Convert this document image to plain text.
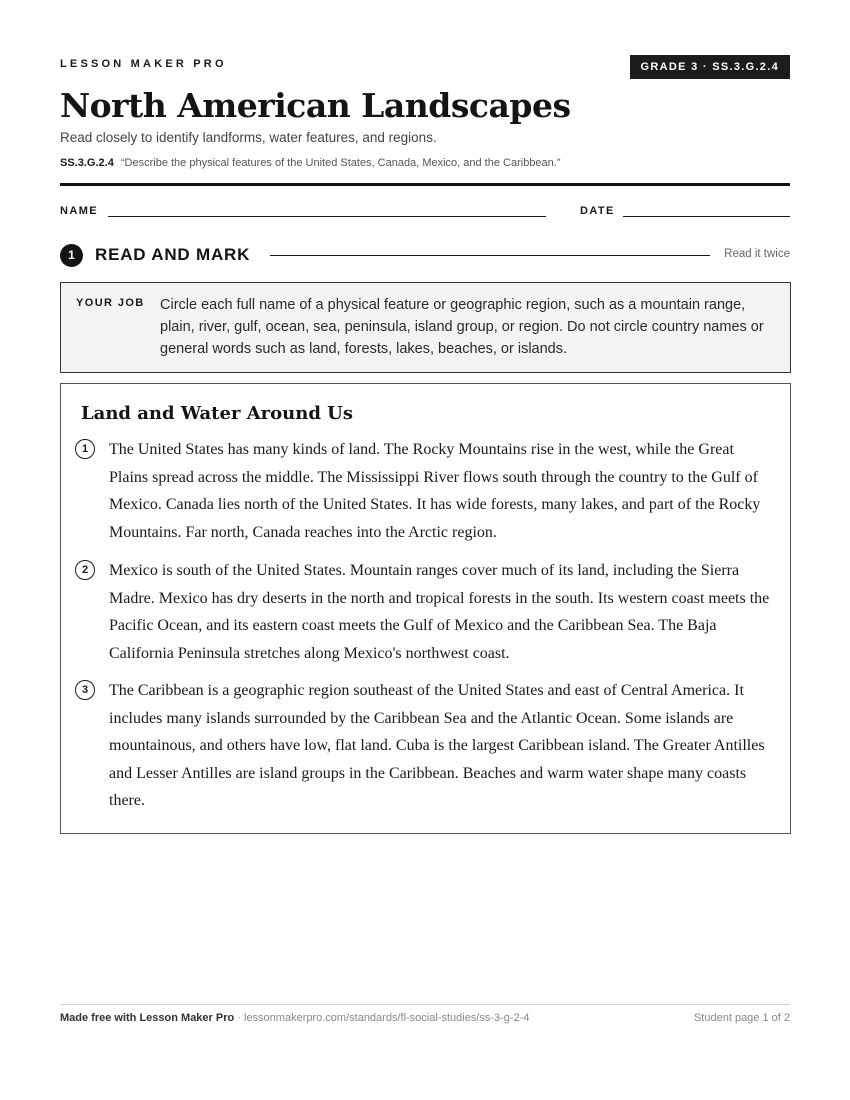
LESSON MAKER PRO	GRADE 3 · SS.3.G.2.4
North American Landscapes
Read closely to identify landforms, water features, and regions.
SS.3.G.2.4 “Describe the physical features of the United States, Canada, Mexico, and the Caribbean.”
NAME	DATE
1	READ AND MARK	Read it twice
YOUR JOB Circle each full name of a physical feature or geographic region, such as a mountain range, plain, river, gulf, ocean, sea, peninsula, island group, or region. Do not circle country names or general words such as land, forests, lakes, beaches, or islands.
Land and Water Around Us
1	The United States has many kinds of land. The Rocky Mountains rise in the west, while the Great Plains spread across the middle. The Mississippi River flows south through the country to the Gulf of Mexico. Canada lies north of the United States. It has wide forests, many lakes, and part of the Rocky Mountains. Far north, Canada reaches into the Arctic region.
2	Mexico is south of the United States. Mountain ranges cover much of its land, including the Sierra Madre. Mexico has dry deserts in the north and tropical forests in the south. Its western coast meets the Pacific Ocean, and its eastern coast meets the Gulf of Mexico and the Caribbean Sea. The Baja California Peninsula stretches along Mexico's northwest coast.
3	The Caribbean is a geographic region southeast of the United States and east of Central America. It includes many islands surrounded by the Caribbean Sea and the Atlantic Ocean. Some islands are mountainous, and others have low, flat land. Cuba is the largest Caribbean island. The Greater Antilles and Lesser Antilles are island groups in the Caribbean. Beaches and warm water shape many coasts there.
Made free with Lesson Maker Pro · lessonmakerpro.com/standards/fl-social-studies/ss-3-g-2-4	Student page 1 of 2
